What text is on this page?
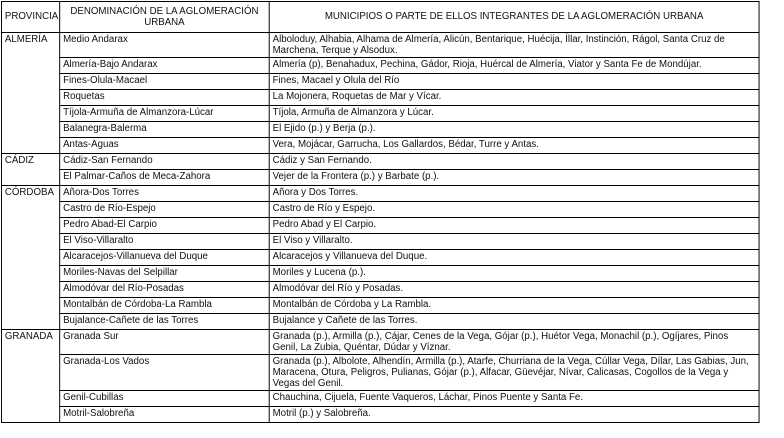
PROVINCIA	DENOMINACIÓN DE LA AGLOMERACIÓN URBANA	MUNICIPIOS O PARTE DE ELLOS INTEGRANTES DE LA AGLOMERACIÓN URBANA
ALMERÍA	Medio Andarax	Alboloduy, Alhabia, Alhama de Almería, Alicún, Bentarique, Huécija, Íllar, Instinción, Rágol, Santa Cruz de Marchena, Terque y Alsodux.
	Almería-Bajo Andarax	Almería (p), Benahadux, Pechina, Gádor, Rioja, Huércal de Almería, Viator y Santa Fe de Mondújar.
	Fines-Olula-Macael	Fines, Macael y Olula del Río
	Roquetas	La Mojonera, Roquetas de Mar y Vícar.
	Tíjola-Armuña de Almanzora-Lúcar	Tíjola, Armuña de Almanzora y Lúcar.
	Balanegra-Balerma	El Ejido (p.) y Berja (p.).
	Antas-Aguas	Vera, Mojácar, Garrucha, Los Gallardos, Bédar, Turre y Antas.
CÁDIZ	Cádiz-San Fernando	Cádiz y San Fernando.
	El Palmar-Caños de Meca-Zahora	Vejer de la Frontera (p.) y Barbate (p.).
CÓRDOBA	Añora-Dos Torres	Añora y Dos Torres.
	Castro de Río-Espejo	Castro de Río y Espejo.
	Pedro Abad-El Carpio	Pedro Abad y El Carpio.
	El Viso-Villaralto	El Viso y Villaralto.
	Alcaracejos-Villanueva del Duque	Alcaracejos y Villanueva del Duque.
	Moriles-Navas del Selpillar	Moriles y Lucena (p.).
	Almodóvar del Río-Posadas	Almodóvar del Río y Posadas.
	Montalbán de Córdoba-La Rambla	Montalbán de Córdoba y La Rambla.
	Bujalance-Cañete de las Torres	Bujalance y Cañete de las Torres.
GRANADA	Granada Sur	Granada (p.), Armilla (p.), Cájar, Cenes de la Vega, Gójar (p.), Huétor Vega, Monachil (p.), Ogíjares, Pinos Genil, La Zubia, Quéntar, Dúdar y Víznar.
	Granada-Los Vados	Granada (p.), Albolote, Alhendín, Armilla (p.), Atarfe, Churriana de la Vega, Cúllar Vega, Dílar, Las Gabias, Jun, Maracena, Otura, Peligros, Pulianas, Gójar (p.), Alfacar, Güevéjar, Nívar, Calicasas, Cogollos de la Vega y Vegas del Genil.
	Genil-Cubillas	Chauchina, Cijuela, Fuente Vaqueros, Láchar, Pinos Puente y Santa Fe.
	Motril-Salobreña	Motril (p.) y Salobreña.
